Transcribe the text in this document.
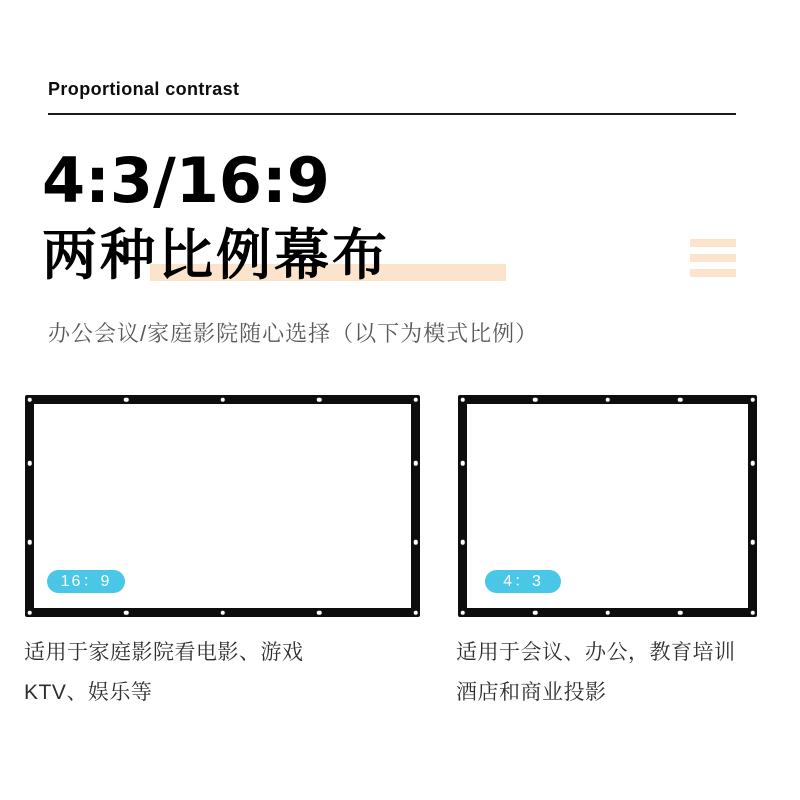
Proportional contrast
4:3/16:9
两种比例幕布
办公会议/家庭影院随心选择（以下为模式比例）
16：9	4：3
适用于家庭影院看电影、游戏
KTV、娱乐等
适用于会议、办公，教育培训
酒店和商业投影
